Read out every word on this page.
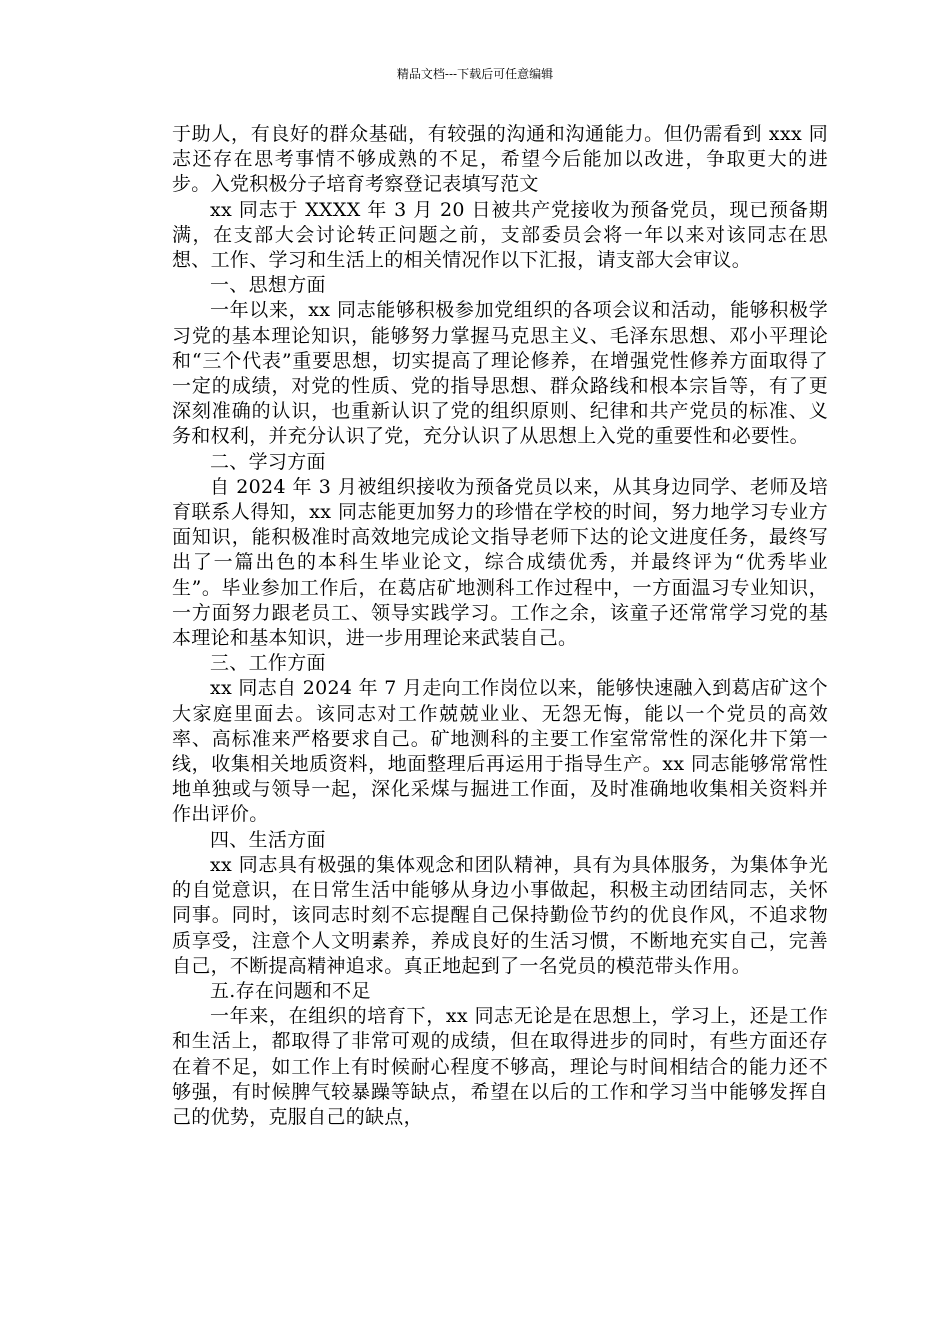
精品文档---下载后可任意编辑

于助人，有良好的群众基础，有较强的沟通和沟通能力。但仍需看到 xxx 同志还存在思考事情不够成熟的不足，希望今后能加以改进，争取更大的进步。入党积极分子培育考察登记表填写范文

xx 同志于 XXXX 年 3 月 20 日被共产党接收为预备党员，现已预备期满，在支部大会讨论转正问题之前，支部委员会将一年以来对该同志在思想、工作、学习和生活上的相关情况作以下汇报，请支部大会审议。

一、思想方面

一年以来，xx 同志能够积极参加党组织的各项会议和活动，能够积极学习党的基本理论知识，能够努力掌握马克思主义、毛泽东思想、邓小平理论和“三个代表”重要思想，切实提高了理论修养，在增强党性修养方面取得了一定的成绩，对党的性质、党的指导思想、群众路线和根本宗旨等，有了更深刻准确的认识，也重新认识了党的组织原则、纪律和共产党员的标准、义务和权利，并充分认识了党，充分认识了从思想上入党的重要性和必要性。

二、学习方面

自 2024 年 3 月被组织接收为预备党员以来，从其身边同学、老师及培育联系人得知，xx 同志能更加努力的珍惜在学校的时间，努力地学习专业方面知识，能积极准时高效地完成论文指导老师下达的论文进度任务，最终写出了一篇出色的本科生毕业论文，综合成绩优秀，并最终评为“优秀毕业生”。毕业参加工作后，在葛店矿地测科工作过程中，一方面温习专业知识，一方面努力跟老员工、领导实践学习。工作之余，该童子还常常学习党的基本理论和基本知识，进一步用理论来武装自己。

三、工作方面

xx 同志自 2024 年 7 月走向工作岗位以来，能够快速融入到葛店矿这个大家庭里面去。该同志对工作兢兢业业、无怨无悔，能以一个党员的高效率、高标准来严格要求自己。矿地测科的主要工作室常常性的深化井下第一线，收集相关地质资料，地面整理后再运用于指导生产。xx 同志能够常常性地单独或与领导一起，深化采煤与掘进工作面，及时准确地收集相关资料并作出评价。

四、生活方面

xx 同志具有极强的集体观念和团队精神，具有为具体服务，为集体争光的自觉意识，在日常生活中能够从身边小事做起，积极主动团结同志，关怀同事。同时，该同志时刻不忘提醒自己保持勤俭节约的优良作风，不追求物质享受，注意个人文明素养，养成良好的生活习惯，不断地充实自己，完善自己，不断提高精神追求。真正地起到了一名党员的模范带头作用。

五.存在问题和不足

一年来，在组织的培育下，xx 同志无论是在思想上，学习上，还是工作和生活上，都取得了非常可观的成绩，但在取得进步的同时，有些方面还存在着不足，如工作上有时候耐心程度不够高，理论与时间相结合的能力还不够强，有时候脾气较暴躁等缺点，希望在以后的工作和学习当中能够发挥自己的优势，克服自己的缺点，
